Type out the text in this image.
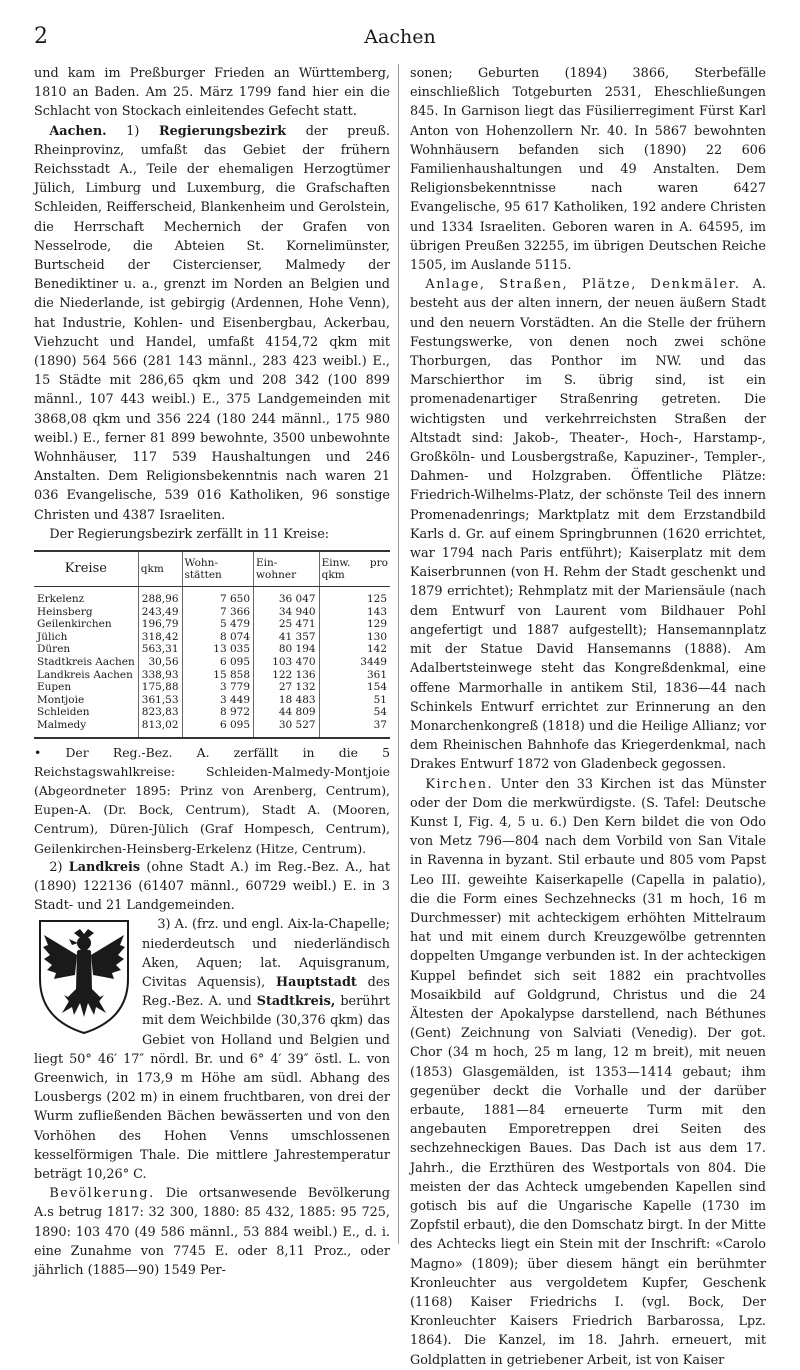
2	Aachen

und kam im Preßburger Frieden an Württemberg, 1810 an Baden. Am 25. März 1799 fand hier ein die Schlacht von Stockach einleitendes Gefecht statt.

Aachen. 1) Regierungsbezirk der preuß. Rheinprovinz, umfaßt das Gebiet der frühern Reichsstadt A., Teile der ehemaligen Herzogtümer Jülich, Limburg und Luxemburg, die Grafschaften Schleiden, Reifferscheid, Blankenheim und Gerolstein, die Herrschaft Mechernich der Grafen von Nesselrode, die Abteien St. Kornelimünster, Burtscheid der Cistercienser, Malmedy der Benediktiner u. a., grenzt im Norden an Belgien und die Niederlande, ist gebirgig (Ardennen, Hohe Venn), hat Industrie, Kohlen- und Eisenbergbau, Ackerbau, Viehzucht und Handel, umfaßt 4154,72 qkm mit (1890) 564 566 (281 143 männl., 283 423 weibl.) E., 15 Städte mit 286,65 qkm und 208 342 (100 899 männl., 107 443 weibl.) E., 375 Landgemeinden mit 3868,08 qkm und 356 224 (180 244 männl., 175 980 weibl.) E., ferner 81 899 bewohnte, 3500 unbewohnte Wohnhäuser, 117 539 Haushaltungen und 246 Anstalten. Dem Religionsbekenntnis nach waren 21 036 Evangelische, 539 016 Katholiken, 96 sonstige Christen und 4387 Israeliten.

Der Regierungsbezirk zerfällt in 11 Kreise:

Kreise	qkm	Wohn- stätten	Ein- wohner	Einw. pro qkm
Erkelenz	288,96	7 650	36 047	125
Heinsberg	243,49	7 366	34 940	143
Geilenkirchen	196,79	5 479	25 471	129
Jülich	318,42	8 074	41 357	130
Düren	563,31	13 035	80 194	142
Stadtkreis Aachen	30,56	6 095	103 470	3449
Landkreis Aachen	338,93	15 858	122 136	361
Eupen	175,88	3 779	27 132	154
Montjoie	361,53	3 449	18 483	51
Schleiden	823,83	8 972	44 809	54
Malmedy	813,02	6 095	30 527	37

• Der Reg.-Bez. A. zerfällt in die 5 Reichstagswahlkreise: Schleiden-Malmedy-Montjoie (Abgeordneter 1895: Prinz von Arenberg, Centrum), Eupen-A. (Dr. Bock, Centrum), Stadt A. (Mooren, Centrum), Düren-Jülich (Graf Hompesch, Centrum), Geilenkirchen-Heinsberg-Erkelenz (Hitze, Centrum).

2) Landkreis (ohne Stadt A.) im Reg.-Bez. A., hat (1890) 122136 (61407 männl., 60729 weibl.) E. in 3 Stadt- und 21 Landgemeinden.

3) A. (frz. und engl. Aix-la-Chapelle; niederdeutsch und niederländisch Aken, Aquen; lat. Aquisgranum, Civitas Aquensis), Hauptstadt des Reg.-Bez. A. und Stadtkreis, berührt mit dem Weichbilde (30,376 qkm) das Gebiet von Holland und Belgien und liegt 50° 46′ 17″ nördl. Br. und 6° 4′ 39″ östl. L. von Greenwich, in 173,9 m Höhe am südl. Abhang des Lousbergs (202 m) in einem fruchtbaren, von drei der Wurm zufließenden Bächen bewässerten und von den Vorhöhen des Hohen Venns umschlossenen kesselförmigen Thale. Die mittlere Jahrestemperatur beträgt 10,26° C.

Bevölkerung. Die ortsanwesende Bevölkerung A.s betrug 1817: 32 300, 1880: 85 432, 1885: 95 725, 1890: 103 470 (49 586 männl., 53 884 weibl.) E., d. i. eine Zunahme von 7745 E. oder 8,11 Proz., oder jährlich (1885—90) 1549 Per-

sonen; Geburten (1894) 3866, Sterbefälle einschließlich Totgeburten 2531, Eheschließungen 845. In Garnison liegt das Füsilierregiment Fürst Karl Anton von Hohenzollern Nr. 40. In 5867 bewohnten Wohnhäusern befanden sich (1890) 22 606 Familienhaushaltungen und 49 Anstalten. Dem Religionsbekenntnisse nach waren 6427 Evangelische, 95 617 Katholiken, 192 andere Christen und 1334 Israeliten. Geboren waren in A. 64595, im übrigen Preußen 32255, im übrigen Deutschen Reiche 1505, im Auslande 5115.

Anlage, Straßen, Plätze, Denkmäler. A. besteht aus der alten innern, der neuen äußern Stadt und den neuern Vorstädten. An die Stelle der frühern Festungswerke, von denen noch zwei schöne Thorburgen, das Ponthor im NW. und das Marschierthor im S. übrig sind, ist ein promenadenartiger Straßenring getreten. Die wichtigsten und verkehrreichsten Straßen der Altstadt sind: Jakob-, Theater-, Hoch-, Harstamp-, Großköln- und Lousbergstraße, Kapuziner-, Templer-, Dahmen- und Holzgraben. Öffentliche Plätze: Friedrich-Wilhelms-Platz, der schönste Teil des innern Promenadenrings; Marktplatz mit dem Erzstandbild Karls d. Gr. auf einem Springbrunnen (1620 errichtet, war 1794 nach Paris entführt); Kaiserplatz mit dem Kaiserbrunnen (von H. Rehm der Stadt geschenkt und 1879 errichtet); Rehmplatz mit der Mariensäule (nach dem Entwurf von Laurent vom Bildhauer Pohl angefertigt und 1887 aufgestellt); Hansemannplatz mit der Statue David Hansemanns (1888). Am Adalbertsteinwege steht das Kongreßdenkmal, eine offene Marmorhalle in antikem Stil, 1836—44 nach Schinkels Entwurf errichtet zur Erinnerung an den Monarchenkongreß (1818) und die Heilige Allianz; vor dem Rheinischen Bahnhofe das Kriegerdenkmal, nach Drakes Entwurf 1872 von Gladenbeck gegossen.

Kirchen. Unter den 33 Kirchen ist das Münster oder der Dom die merkwürdigste. (S. Tafel: Deutsche Kunst I, Fig. 4, 5 u. 6.) Den Kern bildet die von Odo von Metz 796—804 nach dem Vorbild von San Vitale in Ravenna in byzant. Stil erbaute und 805 vom Papst Leo III. geweihte Kaiserkapelle (Capella in palatio), die die Form eines Sechzehnecks (31 m hoch, 16 m Durchmesser) mit achteckigem erhöhten Mittelraum hat und mit einem durch Kreuzgewölbe getrennten doppelten Umgange verbunden ist. In der achteckigen Kuppel befindet sich seit 1882 ein prachtvolles Mosaikbild auf Goldgrund, Christus und die 24 Ältesten der Apokalypse darstellend, nach Béthunes (Gent) Zeichnung von Salviati (Venedig). Der got. Chor (34 m hoch, 25 m lang, 12 m breit), mit neuen (1853) Glasgemälden, ist 1353—1414 gebaut; ihm gegenüber deckt die Vorhalle und der darüber erbaute, 1881—84 erneuerte Turm mit den angebauten Emporetreppen drei Seiten des sechzehneckigen Baues. Das Dach ist aus dem 17. Jahrh., die Erzthüren des Westportals von 804. Die meisten der das Achteck umgebenden Kapellen sind gotisch bis auf die Ungarische Kapelle (1730 im Zopfstil erbaut), die den Domschatz birgt. In der Mitte des Achtecks liegt ein Stein mit der Inschrift: «Carolo Magno» (1809); über diesem hängt ein berühmter Kronleuchter aus vergoldetem Kupfer, Geschenk (1168) Kaiser Friedrichs I. (vgl. Bock, Der Kronleuchter Kaisers Friedrich Barbarossa, Lpz. 1864). Die Kanzel, im 18. Jahrh. erneuert, mit Goldplatten in getriebener Arbeit, ist von Kaiser
